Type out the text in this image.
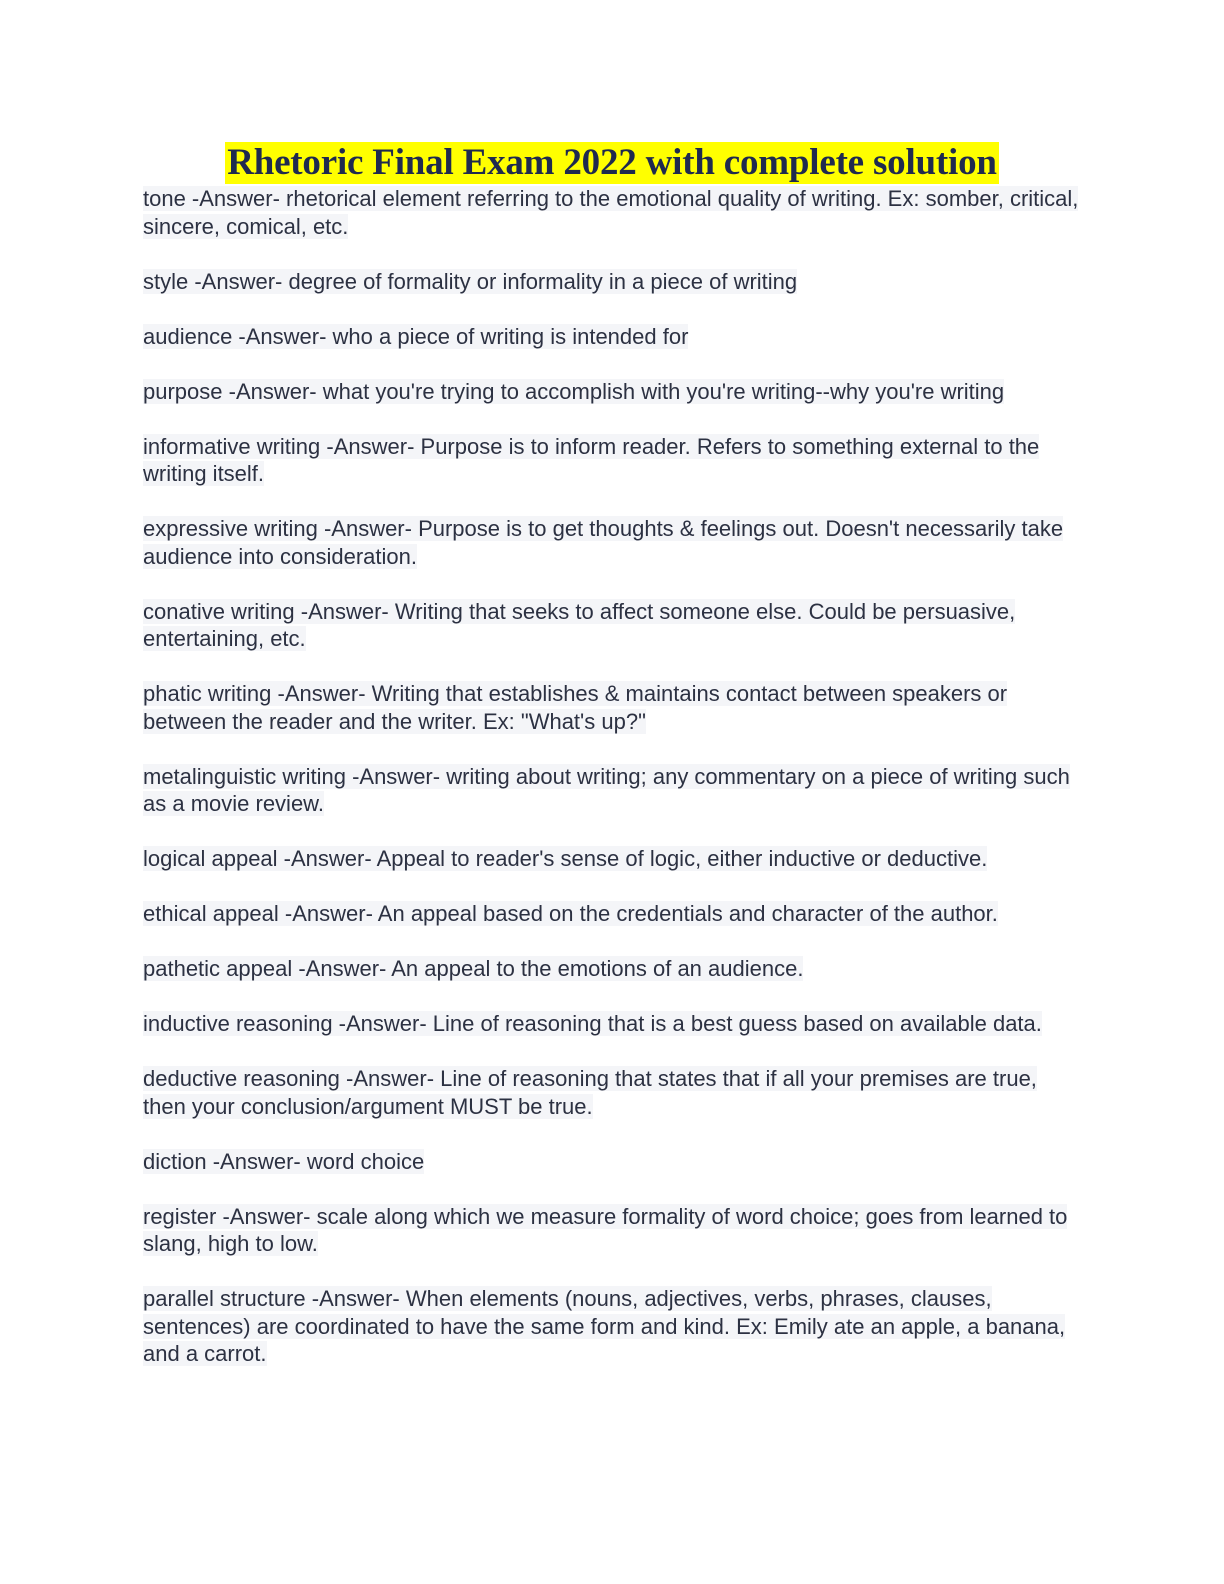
Rhetoric Final Exam 2022 with complete solution

tone -Answer- rhetorical element referring to the emotional quality of writing. Ex: somber, critical, sincere, comical, etc.

style -Answer- degree of formality or informality in a piece of writing

audience -Answer- who a piece of writing is intended for

purpose -Answer- what you're trying to accomplish with you're writing--why you're writing

informative writing -Answer- Purpose is to inform reader. Refers to something external to the writing itself.

expressive writing -Answer- Purpose is to get thoughts & feelings out. Doesn't necessarily take audience into consideration.

conative writing -Answer- Writing that seeks to affect someone else. Could be persuasive, entertaining, etc.

phatic writing -Answer- Writing that establishes & maintains contact between speakers or between the reader and the writer. Ex: "What's up?"

metalinguistic writing -Answer- writing about writing; any commentary on a piece of writing such as a movie review.

logical appeal -Answer- Appeal to reader's sense of logic, either inductive or deductive.

ethical appeal -Answer- An appeal based on the credentials and character of the author.

pathetic appeal -Answer- An appeal to the emotions of an audience.

inductive reasoning -Answer- Line of reasoning that is a best guess based on available data.

deductive reasoning -Answer- Line of reasoning that states that if all your premises are true, then your conclusion/argument MUST be true.

diction -Answer- word choice

register -Answer- scale along which we measure formality of word choice; goes from learned to slang, high to low.

parallel structure -Answer- When elements (nouns, adjectives, verbs, phrases, clauses, sentences) are coordinated to have the same form and kind. Ex: Emily ate an apple, a banana, and a carrot.
